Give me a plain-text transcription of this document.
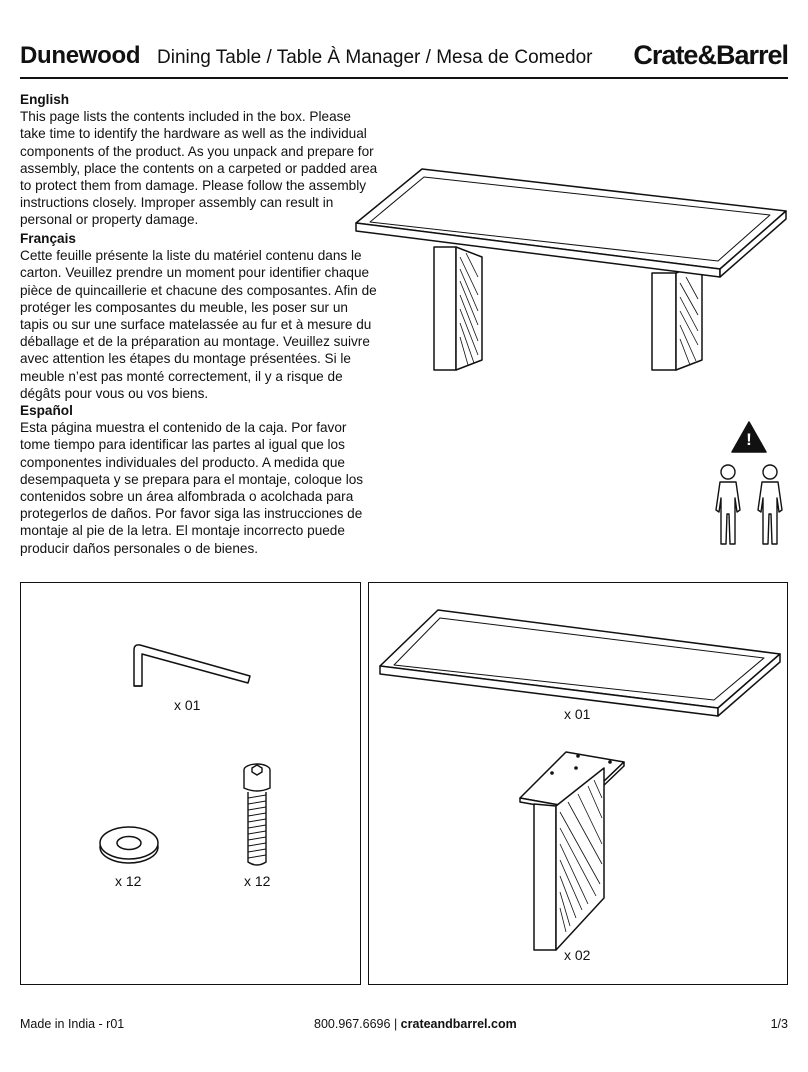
Dunewood Dining Table / Table À Manager / Mesa de Comedor Crate&Barrel
English

This page lists the contents included in the box. Please take time to identify the hardware as well as the individual components of the product. As you unpack and prepare for assembly, place the contents on a carpeted or padded area to protect them from damage. Please follow the assembly instructions closely. Improper assembly can result in personal or property damage.

Français

Cette feuille présente la liste du matériel contenu dans le carton. Veuillez prendre un moment pour identifier chaque pièce de quincaillerie et chacune des composantes. Afin de protéger les composantes du meuble, les poser sur un tapis ou sur une surface matelassée au fur et à mesure du déballage et de la préparation au montage. Veuillez suivre avec attention les étapes du montage présentées. Si le meuble n’est pas monté correctement, il y a risque de dégâts pour vous ou vos biens.

Español

Esta página muestra el contenido de la caja. Por favor tome tiempo para identificar las partes al igual que los componentes individuales del producto. A medida que desempaqueta y se prepara para el montaje, coloque los contenidos sobre un área alfombrada o acolchada para protegerlos de daños. Por favor siga las instrucciones de montaje al pie de la letra. El montaje incorrecto puede producir daños personales o de bienes.

!
x 01
x 12	x 12
x 01
x 02
Made in India - r01	800.967.6696 | crateandbarrel.com	1/3
